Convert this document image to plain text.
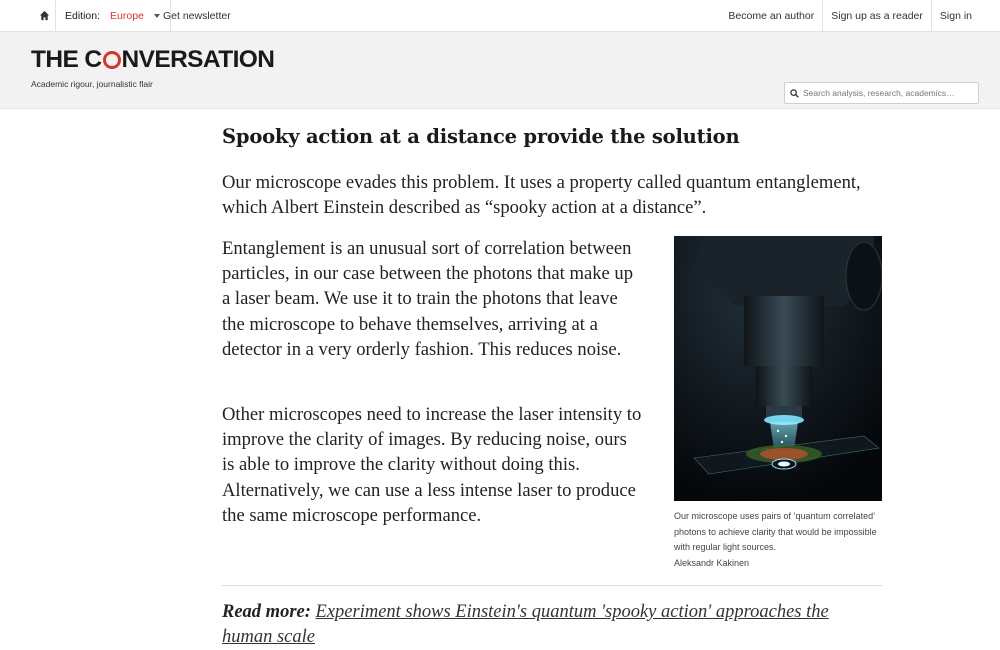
Edition: Europe Get newsletter	Become an author	Sign up as a reader	Sign in
THE C NVERSATION
Academic rigour, journalistic flair
Search analysis, research, academics…
Spooky action at a distance provide the solution

Our microscope evades this problem. It uses a property called quantum entanglement, which Albert Einstein described as “spooky action at a distance”.

Entanglement is an unusual sort of correlation between particles, in our case between the photons that make up a laser beam. We use it to train the photons that leave the microscope to behave themselves, arriving at a detector in a very orderly fashion. This reduces noise.

Other microscopes need to increase the laser intensity to improve the clarity of images. By reducing noise, ours is able to improve the clarity without doing this. Alternatively, we can use a less intense laser to produce the same microscope performance.	Our microscope uses pairs of ‘quantum correlated’ photons to achieve clarity that would be impossible with regular light sources.
Aleksandr Kakinen
Read more: Experiment shows Einstein's quantum 'spooky action' approaches the human scale
